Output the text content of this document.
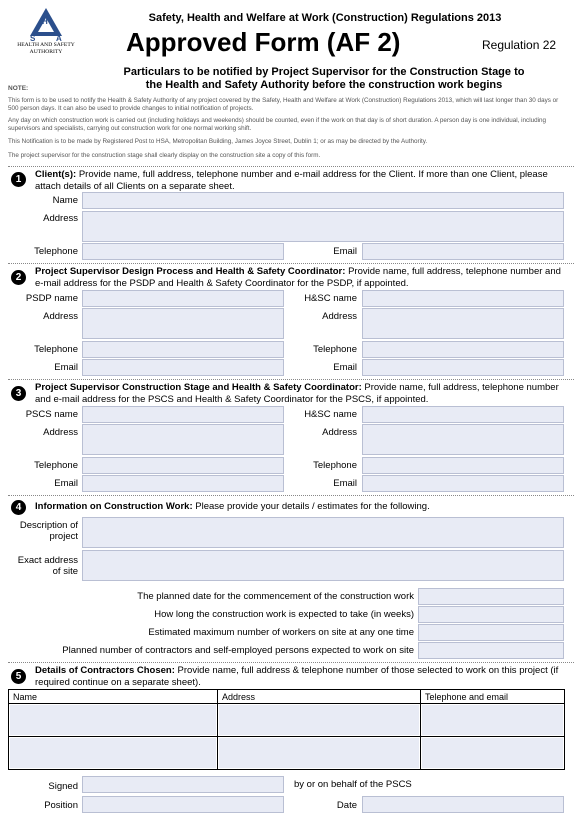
H
S	A
HEALTH AND SAFETY AUTHORITY
Safety, Health and Welfare at Work (Construction) Regulations 2013
Approved Form (AF 2)	Regulation 22
Particulars to be notified by Project Supervisor for the Construction Stage to
the Health and Safety Authority before the construction work begins
NOTE:
This form is to be used to notify the Health & Safety Authority of any project covered by the Safety, Health and Welfare at Work (Construction) Regulations 2013, which will last longer than 30 days or 500 person days. It can also be used to provide changes to initial notification of projects.
Any day on which construction work is carried out (including holidays and weekends) should be counted, even if the work on that day is of short duration. A person day is one individual, including supervisors and specialists, carrying out construction work for one normal working shift.
This Notification is to be made by Registered Post to HSA, Metropolitan Building, James Joyce Street, Dublin 1; or as may be directed by the Authority.
The project supervisor for the construction stage shall clearly display on the construction site a copy of this form.
1	Client(s): Provide name, full address, telephone number and e-mail address for the Client. If more than one Client, please attach details of all Clients on a separate sheet.
Name
Address
Telephone	Email
2
Project Supervisor Design Process and Health & Safety Coordinator: Provide name, full address, telephone number and e-mail address for the PSDP and Health & Safety Coordinator for the PSDP, if appointed.
PSDP name	H&SC name
Address	Address
Telephone	Telephone
Email	Email
3
Project Supervisor Construction Stage and Health & Safety Coordinator: Provide name, full address, telephone number and e-mail address for the PSCS and Health & Safety Coordinator for the PSCS, if appointed.
PSCS name	H&SC name
Address	Address
Telephone	Telephone
Email	Email
4	Information on Construction Work: Please provide your details / estimates for the following.
Description of project
Exact address of site
The planned date for the commencement of the construction work
How long the construction work is expected to take (in weeks)
Estimated maximum number of workers on site at any one time
Planned number of contractors and self-employed persons expected to work on site
5
Details of Contractors Chosen: Provide name, full address & telephone number of those selected to work on this project (if required continue on a separate sheet).
Name	Address	Telephone and email

Signed	by or on behalf of the PSCS
Position	Date
